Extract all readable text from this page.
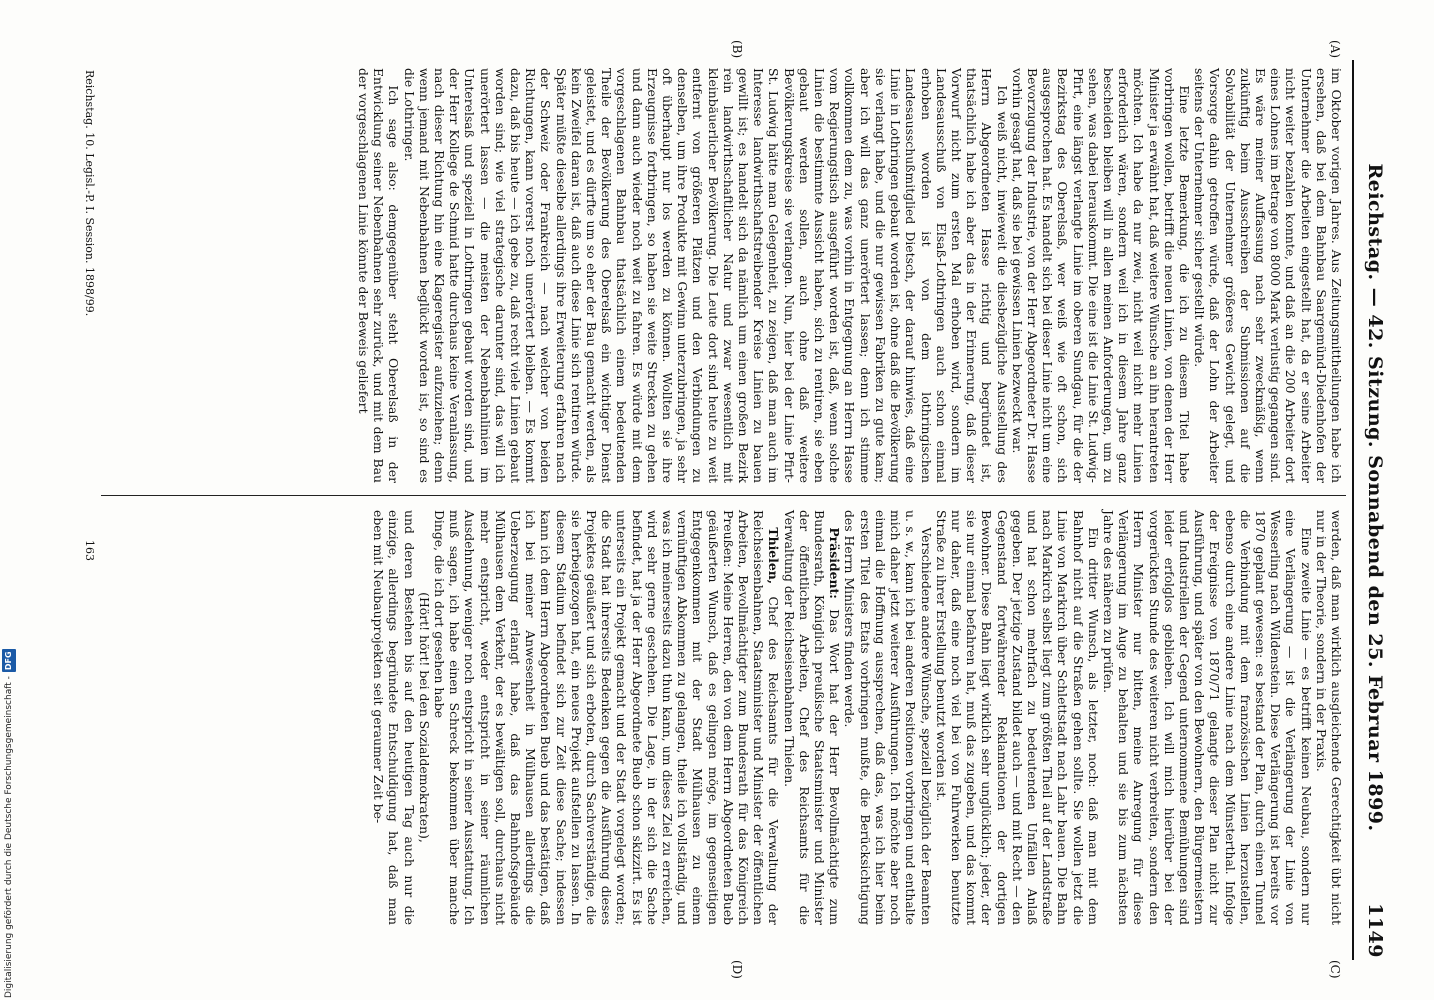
Reichstag. — 42. Sitzung. Sonnabend den 25. Februar 1899.
1149
(A)
(B)
(C)
(D)

im Oktober vorigen Jahres. Aus Zeitungsmittheilungen habe ich ersehen, daß bei dem Bahnbau Saargemünd-Diedenhofen der Unternehmer die Arbeiten eingestellt hat, da er seine Arbeiter nicht weiter bezahlen konnte, und daß an die 200 Arbeiter dort eines Lohnes im Betrage von 8000 Mark verlustig gegangen sind. Es wäre meiner Auffassung nach sehr zweckmäßig, wenn zukünftig beim Ausschreiben der Submissionen auf die Solvabilität der Unternehmer größeres Gewicht gelegt, und Vorsorge dahin getroffen würde, daß der Lohn der Arbeiter seitens der Unternehmer sicher gestellt würde.

Eine letzte Bemerkung, die ich zu diesem Titel habe vorbringen wollen, betrifft die neuen Linien, von denen der Herr Minister ja erwähnt hat, daß weitere Wünsche an ihn herantreten möchten. Ich habe da nur zwei, nicht weil nicht mehr Linien erforderlich wären, sondern weil ich in diesem Jahre ganz bescheiden bleiben will in allen meinen Anforderungen, um zu sehen, was dabei herauskommt. Die eine ist die Linie St. Ludwig-Pfirt, eine längst verlangte Linie im oberen Sundgau, für die der Bezirkstag des Oberelsaß, wer weiß wie oft schon, sich ausgesprochen hat. Es handelt sich bei dieser Linie nicht um eine Bevorzugung der Industrie, von der Herr Abgeordneter Dr. Hasse vorhin gesagt hat, daß sie bei gewissen Linien bezweckt war.

Ich weiß nicht, inwieweit die diesbezügliche Ausstellung des Herrn Abgeordneten Hasse richtig und begründet ist, thatsächlich habe ich aber das in der Erinnerung, daß dieser Vorwurf nicht zum ersten Mal erhoben wird, sondern im Landesausschuß von Elsaß-Lothringen auch schon einmal erhoben worden ist von dem lothringischen Landesausschußmitglied Dietsch, der darauf hinwies, daß eine Linie in Lothringen gebaut worden ist, ohne daß die Bevölkerung sie verlangt habe, und die nur gewissen Fabriken zu gute kam; aber ich will das ganz unerörtert lassen; denn ich stimme vollkommen dem zu, was vorhin in Entgegnung an Herrn Hasse vom Regierungstisch ausgeführt worden ist, daß, wenn solche Linien die bestimmte Aussicht haben, sich zu rentiren, sie eben gebaut werden sollen, auch ohne daß weitere Bevölkerungskreise sie verlangen. Nun, hier bei der Linie Pfirt-St. Ludwig hätte man Gelegenheit, zu zeigen, daß man auch im Interesse landwirthschaftstreibender Kreise Linien zu bauen gewillt ist; es handelt sich da nämlich um einen großen Bezirk rein landwirthschaftlicher Natur und zwar wesentlich mit kleinbäuerlicher Bevölkerung. Die Leute dort sind heute zu weit entfernt von größeren Plätzen und den Verbindungen zu denselben, um ihre Produkte mit Gewinn unterzubringen, ja sehr oft überhaupt nur los werden zu können. Wollten sie ihre Erzeugnisse fortbringen, so haben sie weite Strecken zu gehen und dann auch wieder noch weit zu fahren. Es würde mit dem vorgeschlagenen Bahnbau thatsächlich einem bedeutenden Theile der Bevölkerung des Oberelsaß ein wichtiger Dienst geleistet, und es dürfte um so eher der Bau gemacht werden, als kein Zweifel daran ist, daß auch diese Linie sich rentiren würde. Später müßte dieselbe allerdings ihre Erweiterung erfahren nach der Schweiz oder Frankreich — nach welcher von beiden Richtungen, kann vorerst noch unerörtert bleiben. — Es kommt dazu, daß bis heute — ich gebe zu, daß recht viele Linien gebaut worden sind; wie viel strategische darunter sind, das will ich unerörtert lassen — die meisten der Nebenbahnlinien im Unterelsaß und speziell in Lothringen gebaut worden sind, und der Herr Kollege de Schmid hatte durchaus keine Veranlassung, nach dieser Richtung hin eine Klageregister aufzuziehen; denn wenn jemand mit Nebenbahnen beglückt worden ist, so sind es die Lothringer.

Ich sage also: demgegenüber steht Oberelsaß in der Entwicklung seiner Nebenbahnen sehr zurück, und mit dem Bau der vorgeschlagenen Linie könnte der Beweis geliefert

werden, daß man wirklich ausgleichende Gerechtigkeit übt nicht nur in der Theorie, sondern in der Praxis.

Eine zweite Linie — es betrifft keinen Neubau, sondern nur eine Verlängerung — ist die Verlängerung der Linie von Wesserling nach Wildenstein. Diese Verlängerung ist bereits vor 1870 geplant gewesen: es bestand der Plan, durch einen Tunnel die Verbindung mit dem französischen Linien herzustellen, ebenso durch eine andere Linie nach dem Münsterthal. Infolge der Ereignisse von 1870/71 gelangte dieser Plan nicht zur Ausführung, und später von den Bewohnern, den Bürgermeistern und Industriellen der Gegend unternommene Bemühungen sind leider erfolglos geblieben. Ich will mich hierüber bei der vorgerückten Stunde des weiteren nicht verbreiten, sondern den Herrn Minister nur bitten, meine Anregung für diese Verlängerung im Auge zu behalten und sie bis zum nächsten Jahre des näheren zu prüfen.

Ein dritter Wunsch, als letzter, noch: daß man mit dem Bahnhof nicht auf die Straßen gehen sollte. Sie wollen jetzt die Linie von Markirch über Schlettstadt nach Lahr bauen. Die Bahn nach Markirch selbst liegt zum größten Theil auf der Landstraße und hat schon mehrfach zu bedeutenden Unfällen Anlaß gegeben. Der jetzige Zustand bildet auch — und mit Recht — den Gegenstand fortwährender Reklamationen der dortigen Bewohner. Diese Bahn liegt wirklich sehr unglücklich; jeder, der sie nur einmal befahren hat, muß das zugeben, und das kommt nur daher, daß eine noch viel bei von Fuhrwerken benutzte Straße zu ihrer Erstellung benutzt worden ist.

Verschiedene andere Wünsche, speziell bezüglich der Beamten u. s. w., kann ich bei anderen Positionen vorbringen und enthalte mich daher jetzt weiterer Ausführungen. Ich möchte aber noch einmal die Hoffnung aussprechen, daß das, was ich hier beim ersten Titel des Etats vorbringen mußte, die Berücksichtigung des Herrn Ministers finden werde.

Präsident: Das Wort hat der Herr Bevollmächtigte zum Bundesrath, Königlich preußische Staatsminister und Minister der öffentlichen Arbeiten, Chef des Reichsamts für die Verwaltung der Reichseisenbahnen Thielen.

Thielen, Chef des Reichsamts für die Verwaltung der Reichseisenbahnen, Staatsminister und Minister der öffentlichen Arbeiten, Bevollmächtigter zum Bundesrath für das Königreich Preußen: Meine Herren, den von dem Herrn Abgeordneten Bueb geäußerten Wunsch, daß es gelingen möge, im gegenseitigen Entgegenkommen mit der Stadt Mülhausen zu einem vernünftigen Abkommen zu gelangen, theile ich vollständig, und was ich meinerseits dazu thun kann, um dieses Ziel zu erreichen, wird sehr gerne geschehen. Die Lage, in der sich die Sache befindet, hat ja der Herr Abgeordnete Bueb schon skizzirt. Es ist unterseits ein Projekt gemacht und der Stadt vorgelegt worden; die Stadt hat ihrerseits Bedenken gegen die Ausführung dieses Projektes geäußert und sich erboten, durch Sachverständige, die sie herbeigezogen hat, ein neues Projekt aufstellen zu lassen. In diesem Stadium befindet sich zur Zeit diese Sache; indessen kann ich dem Herrn Abgeordneten Bueb und das bestätigen, daß ich bei meiner Anwesenheit in Mülhausen allerdings die Ueberzeugung erlangt habe, daß das Bahnhofsgebäude Mülhausen dem Verkehr, der es bewältigen soll, durchaus nicht mehr entspricht, weder entspricht in seiner räumlichen Ausdehnung, weniger noch entspricht in seiner Ausstattung. Ich muß sagen, ich habe einen Schreck bekommen über manche Dinge, die ich dort gesehen habe

(Hört! hört! bei den Sozialdemokraten),

und deren Bestehen bis auf den heutigen Tag auch nur die einzige, allerdings begründete Entschuldigung hat, daß man eben mit Neubauprojekten seit geraumer Zeit be-

Reichstag. 10. Legisl.-P. I. Session. 1898/99.
163
Digitalisierung gefördert durch die Deutsche Forschungsgemeinschaft -
DFG
